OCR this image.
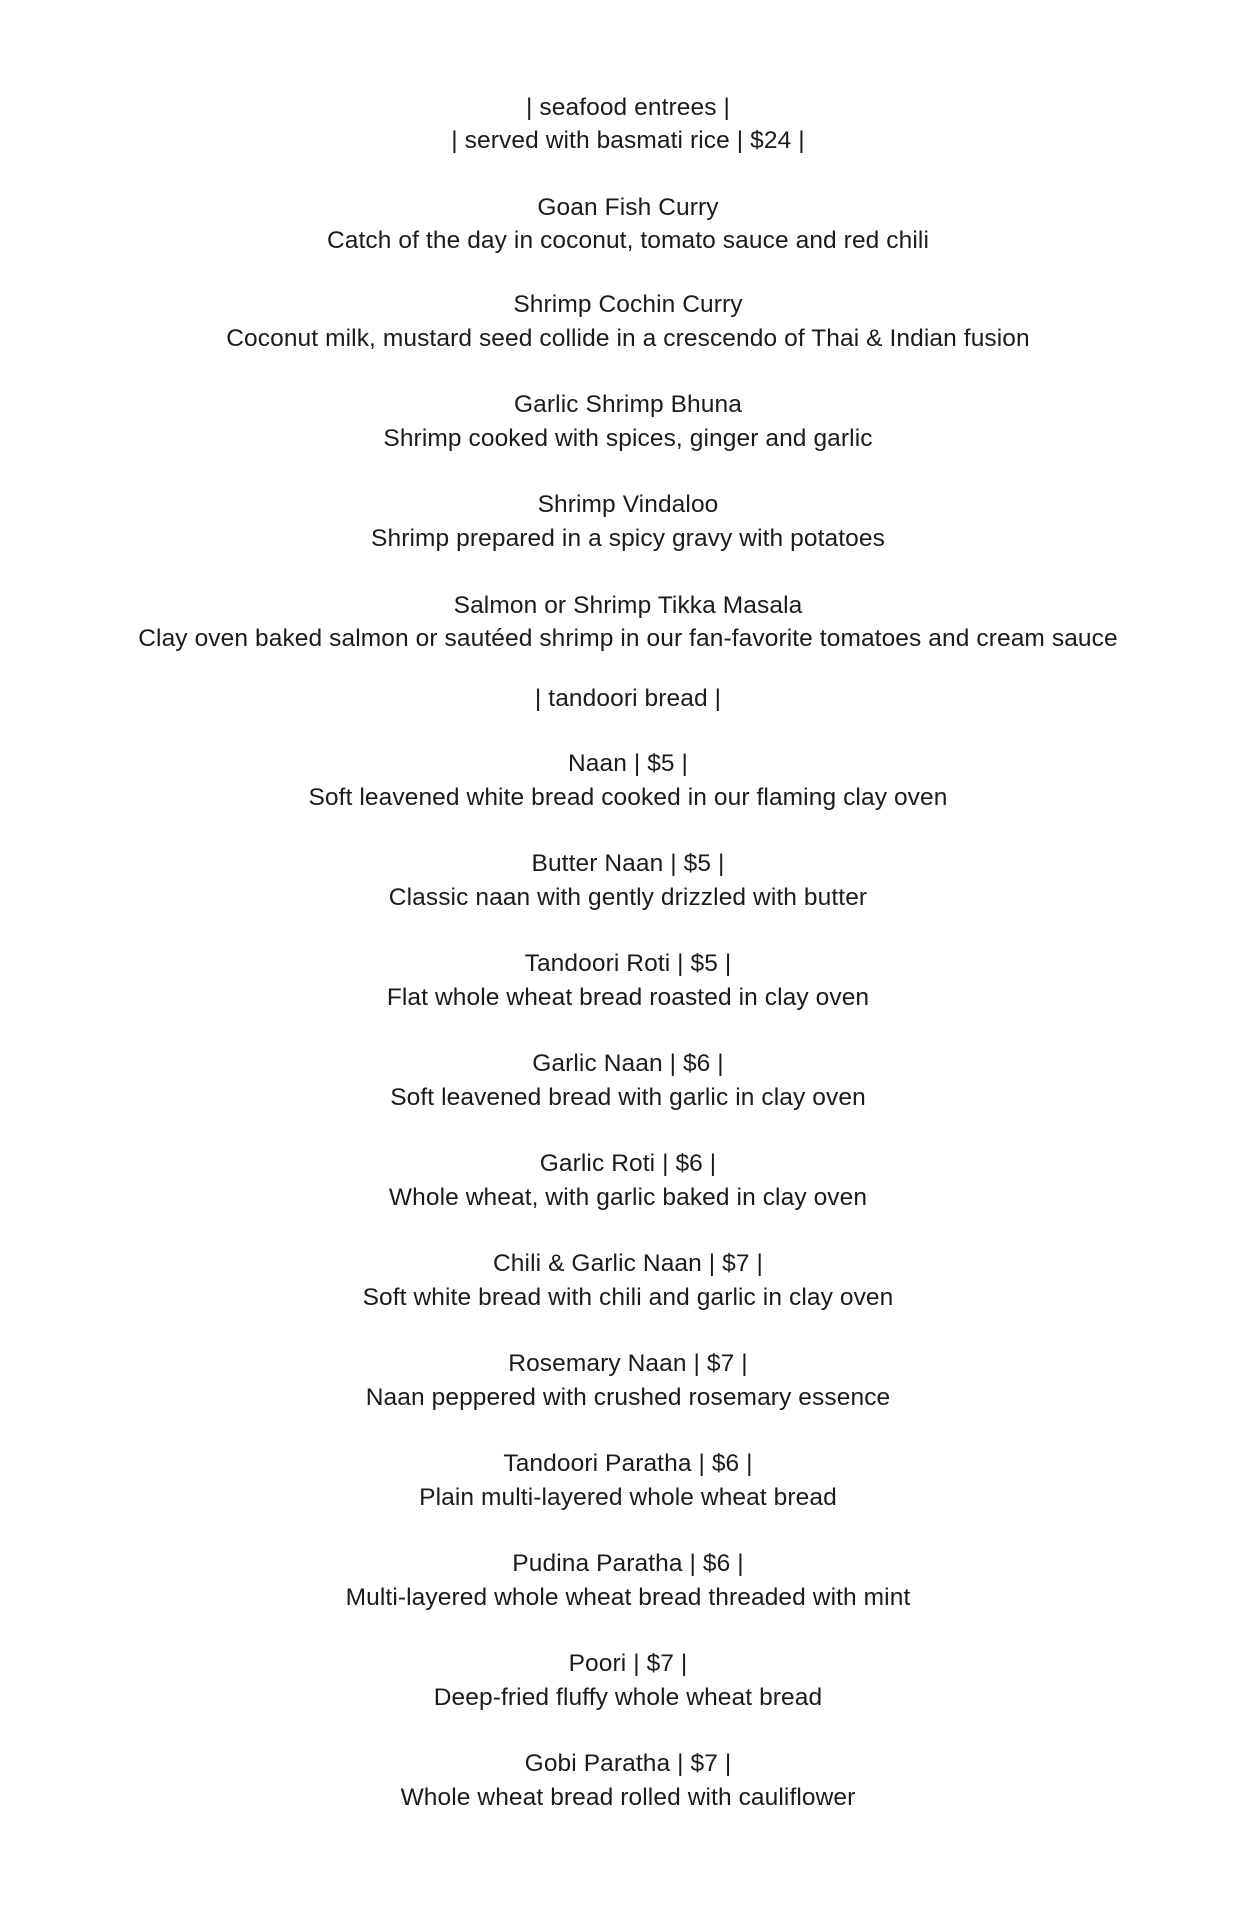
| seafood entrees |
| served with basmati rice | $24 |
Goan Fish Curry
Catch of the day in coconut, tomato sauce and red chili
Shrimp Cochin Curry
Coconut milk, mustard seed collide in a crescendo of Thai & Indian fusion
Garlic Shrimp Bhuna
Shrimp cooked with spices, ginger and garlic
Shrimp Vindaloo
Shrimp prepared in a spicy gravy with potatoes
Salmon or Shrimp Tikka Masala
Clay oven baked salmon or sautéed shrimp in our fan-favorite tomatoes and cream sauce
| tandoori bread |
Naan | $5 |
Soft leavened white bread cooked in our flaming clay oven
Butter Naan | $5 |
Classic naan with gently drizzled with butter
Tandoori Roti | $5 |
Flat whole wheat bread roasted in clay oven
Garlic Naan | $6 |
Soft leavened bread with garlic in clay oven
Garlic Roti | $6 |
Whole wheat, with garlic baked in clay oven
Chili & Garlic Naan | $7 |
Soft white bread with chili and garlic in clay oven
Rosemary Naan | $7 |
Naan peppered with crushed rosemary essence
Tandoori Paratha | $6 |
Plain multi-layered whole wheat bread
Pudina Paratha | $6 |
Multi-layered whole wheat bread threaded with mint
Poori | $7 |
Deep-fried fluffy whole wheat bread
Gobi Paratha | $7 |
Whole wheat bread rolled with cauliflower
